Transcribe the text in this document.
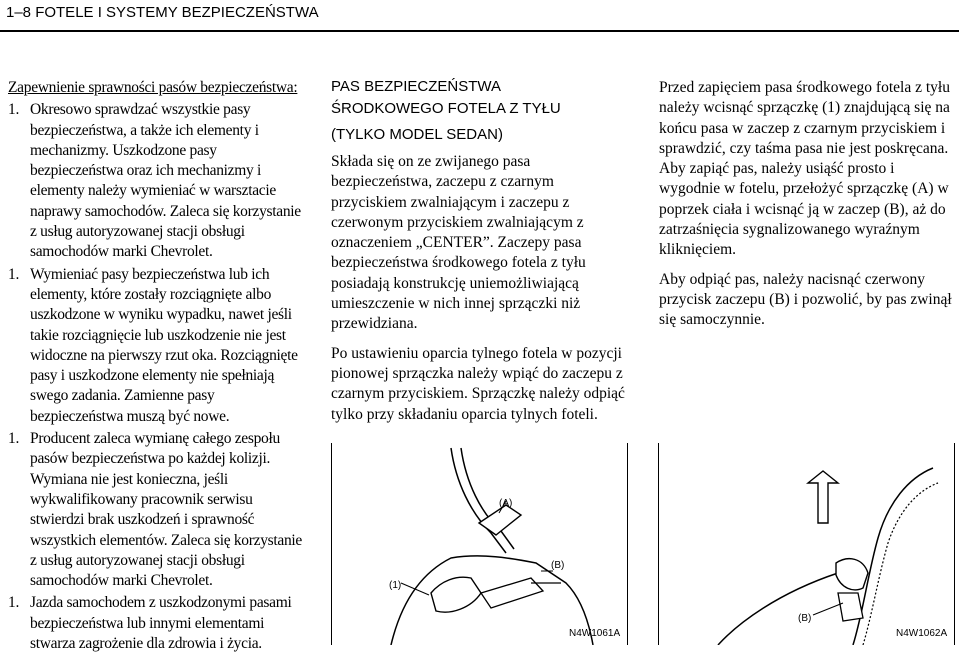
1–8 FOTELE I SYSTEMY BEZPIECZEŃSTWA

Zapewnienie sprawności pasów bezpieczeństwa:

1. Okresowo sprawdzać wszystkie pasy bezpieczeństwa, a także ich elementy i mechanizmy. Uszkodzone pasy bezpieczeństwa oraz ich mechanizmy i elementy należy wymieniać w warsztacie naprawy samochodów. Zaleca się korzystanie z usług autoryzowanej stacji obsługi samochodów marki Chevrolet.
1. Wymieniać pasy bezpieczeństwa lub ich elementy, które zostały rozciągnięte albo uszkodzone w wyniku wypadku, nawet jeśli takie rozciągnięcie lub uszkodzenie nie jest widoczne na pierwszy rzut oka. Rozciągnięte pasy i uszkodzone elementy nie spełniają swego zadania. Zamienne pasy bezpieczeństwa muszą być nowe.
1. Producent zaleca wymianę całego zespołu pasów bezpieczeństwa po każdej kolizji. Wymiana nie jest konieczna, jeśli wykwalifikowany pracownik serwisu stwierdzi brak uszkodzeń i sprawność wszystkich elementów. Zaleca się korzystanie z usług autoryzowanej stacji obsługi samochodów marki Chevrolet.
1. Jazda samochodem z uszkodzonymi pasami bezpieczeństwa lub innymi elementami stwarza zagrożenie dla zdrowia i życia.

PAS BEZPIECZEŃSTWA

ŚRODKOWEGO FOTELA Z TYŁU

(TYLKO MODEL SEDAN)

Składa się on ze zwijanego pasa bezpieczeństwa, zaczepu z czarnym przyciskiem zwalniającym i zaczepu z czerwonym przyciskiem zwalniającym z oznaczeniem „CENTER”. Zaczepy pasa bezpieczeństwa środkowego fotela z tyłu posiadają konstrukcję uniemożliwiającą umieszczenie w nich innej sprzączki niż przewidziana.

Po ustawieniu oparcia tylnego fotela w pozycji pionowej sprzączka należy wpiąć do zaczepu z czarnym przyciskiem. Sprzączkę należy odpiąć tylko przy składaniu oparcia tylnych foteli.

(A)
(B)
(1)
N4W1061A

Przed zapięciem pasa środkowego fotela z tyłu należy wcisnąć sprzączkę (1) znajdującą się na końcu pasa w zaczep z czarnym przyciskiem i sprawdzić, czy taśma pasa nie jest poskręcana. Aby zapiąć pas, należy usiąść prosto i wygodnie w fotelu, przełożyć sprzączkę (A) w poprzek ciała i wcisnąć ją w zaczep (B), aż do zatrzaśnięcia sygnalizowanego wyraźnym kliknięciem.

Aby odpiąć pas, należy nacisnąć czerwony przycisk zaczepu (B) i pozwolić, by pas zwinął się samoczynnie.

(B)
N4W1062A
